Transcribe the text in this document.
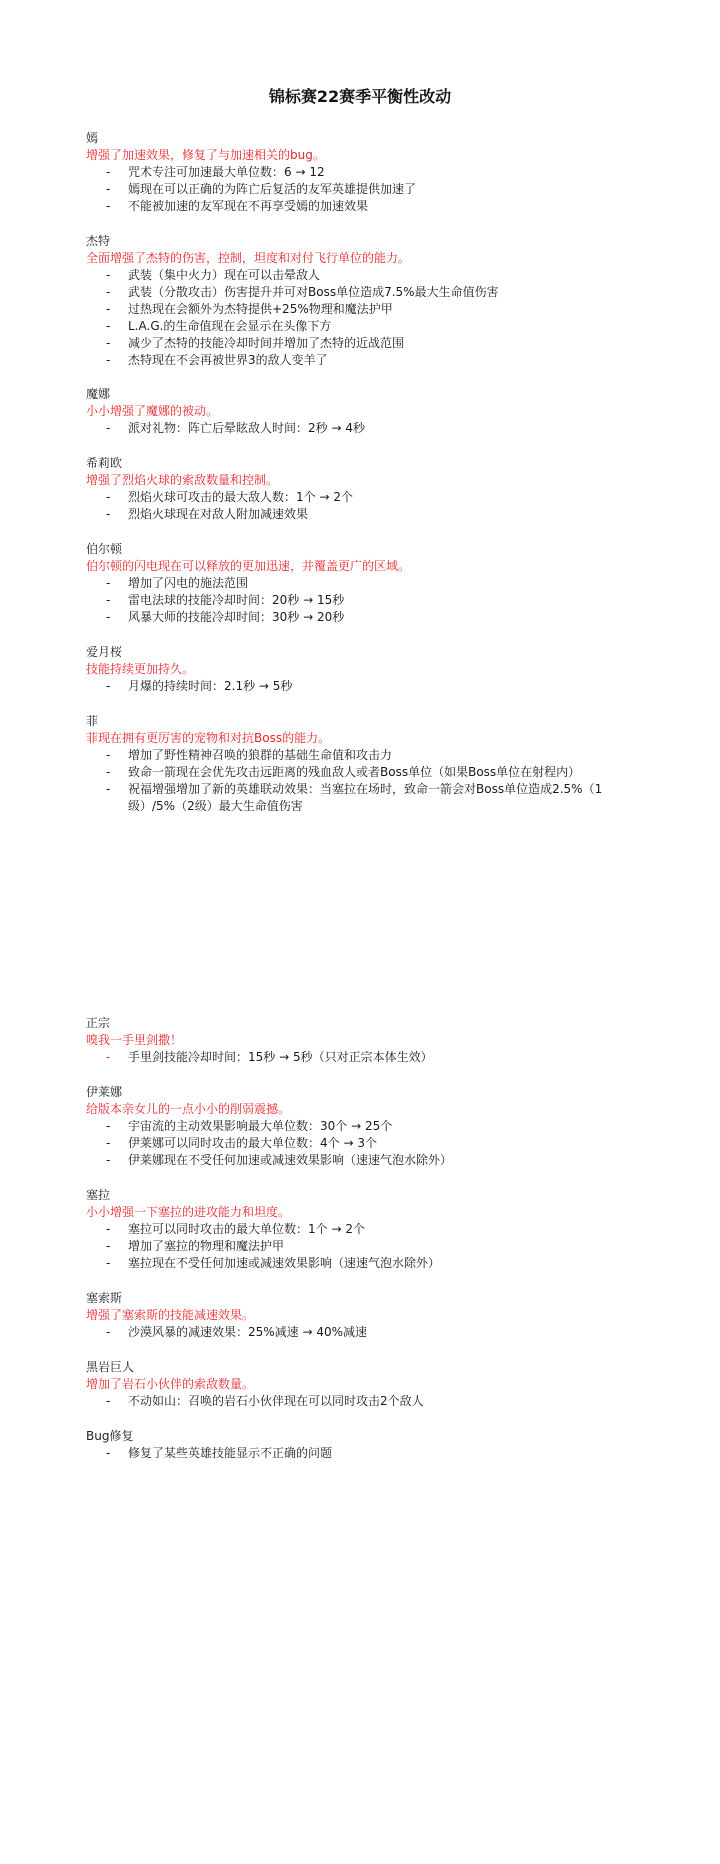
锦标赛22赛季平衡性改动
嫣
增强了加速效果，修复了与加速相关的bug。
- 咒术专注可加速最大单位数：6 → 12
- 嫣现在可以正确的为阵亡后复活的友军英雄提供加速了
- 不能被加速的友军现在不再享受嫣的加速效果
杰特
全面增强了杰特的伤害，控制，坦度和对付飞行单位的能力。
- 武装（集中火力）现在可以击晕敌人
- 武装（分散攻击）伤害提升并可对Boss单位造成7.5%最大生命值伤害
- 过热现在会额外为杰特提供+25%物理和魔法护甲
- L.A.G.的生命值现在会显示在头像下方
- 减少了杰特的技能冷却时间并增加了杰特的近战范围
- 杰特现在不会再被世界3的敌人变羊了
魔娜
小小增强了魔娜的被动。
- 派对礼物：阵亡后晕眩敌人时间：2秒 → 4秒
希莉欧
增强了烈焰火球的索敌数量和控制。
- 烈焰火球可攻击的最大敌人数：1个 → 2个
- 烈焰火球现在对敌人附加减速效果
伯尔顿
伯尔顿的闪电现在可以释放的更加迅速，并覆盖更广的区域。
- 增加了闪电的施法范围
- 雷电法球的技能冷却时间：20秒 → 15秒
- 风暴大师的技能冷却时间：30秒 → 20秒
爱月桜
技能持续更加持久。
- 月爆的持续时间：2.1秒 → 5秒
菲
菲现在拥有更厉害的宠物和对抗Boss的能力。
- 增加了野性精神召唤的狼群的基础生命值和攻击力
- 致命一箭现在会优先攻击远距离的残血敌人或者Boss单位（如果Boss单位在射程内）
- 祝福增强增加了新的英雄联动效果：当塞拉在场时，致命一箭会对Boss单位造成2.5%（1级）/5%（2级）最大生命值伤害
正宗
嗅我一手里剑撒！
- 手里剑技能冷却时间：15秒 → 5秒（只对正宗本体生效）
伊莱娜
给版本亲女儿的一点小小的削弱震撼。
- 宇宙流的主动效果影响最大单位数：30个 → 25个
- 伊莱娜可以同时攻击的最大单位数：4个 → 3个
- 伊莱娜现在不受任何加速或减速效果影响（速速气泡水除外）
塞拉
小小增强一下塞拉的进攻能力和坦度。
- 塞拉可以同时攻击的最大单位数：1个 → 2个
- 增加了塞拉的物理和魔法护甲
- 塞拉现在不受任何加速或减速效果影响（速速气泡水除外）
塞索斯
增强了塞索斯的技能减速效果。
- 沙漠风暴的减速效果：25%减速 → 40%减速
黑岩巨人
增加了岩石小伙伴的索敌数量。
- 不动如山：召唤的岩石小伙伴现在可以同时攻击2个敌人
Bug修复
- 修复了某些英雄技能显示不正确的问题
